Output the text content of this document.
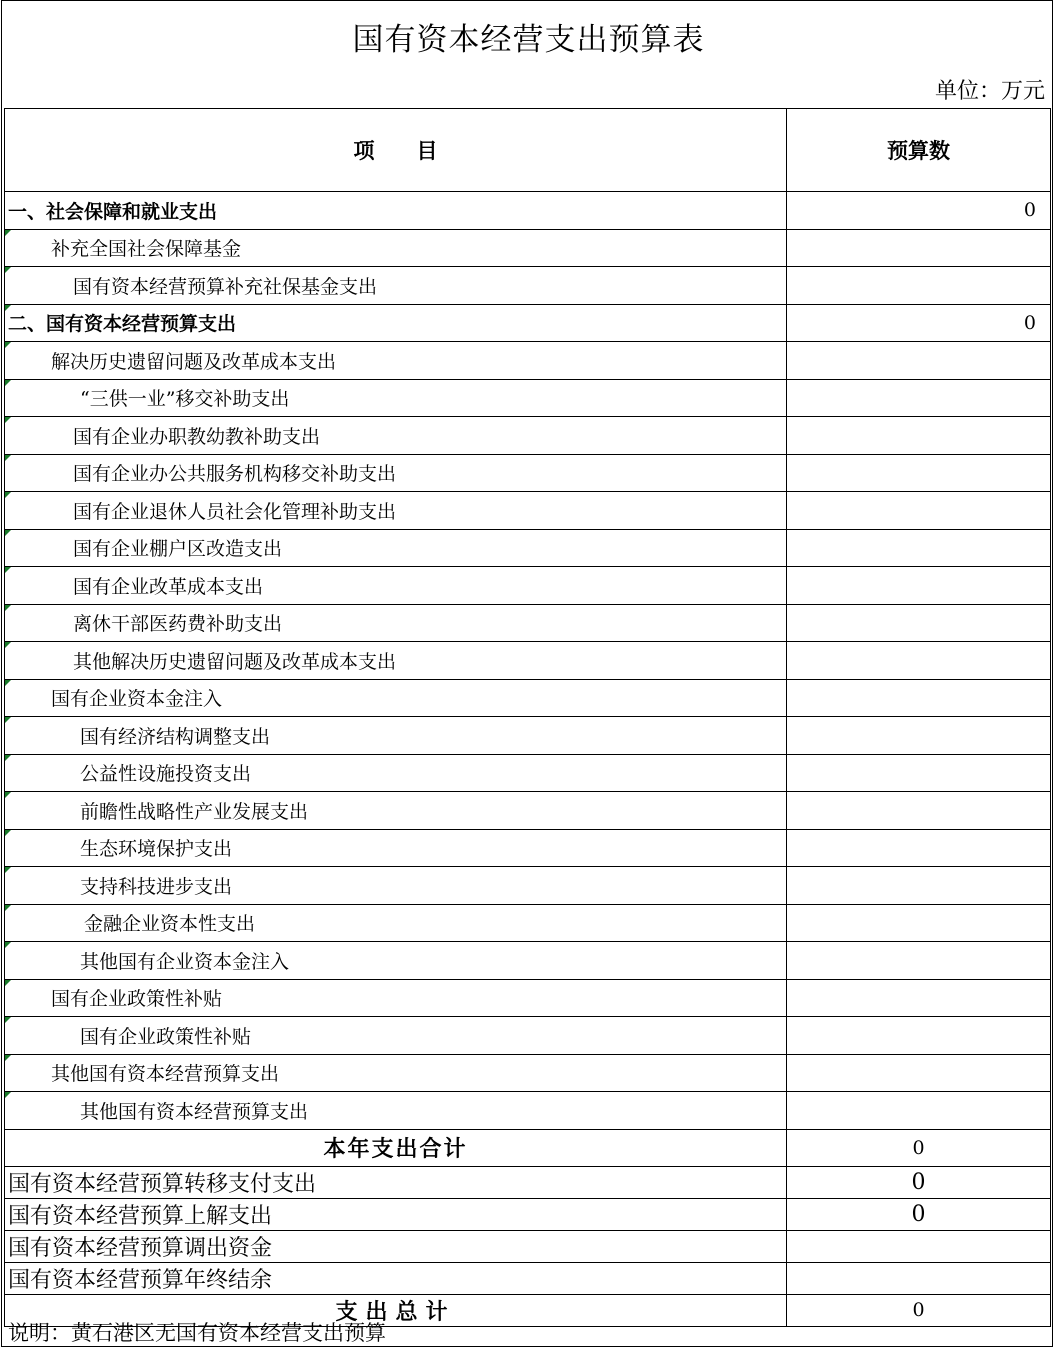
国有资本经营支出预算表
单位：万元
项　　目	预算数
一、社会保障和就业支出	0
补充全国社会保障基金	
国有资本经营预算补充社保基金支出	
二、国有资本经营预算支出	0
解决历史遗留问题及改革成本支出	
“三供一业”移交补助支出	
国有企业办职教幼教补助支出	
国有企业办公共服务机构移交补助支出	
国有企业退休人员社会化管理补助支出	
国有企业棚户区改造支出	
国有企业改革成本支出	
离休干部医药费补助支出	
其他解决历史遗留问题及改革成本支出	
国有企业资本金注入	
国有经济结构调整支出	
公益性设施投资支出	
前瞻性战略性产业发展支出	
生态环境保护支出	
支持科技进步支出	
金融企业资本性支出	
其他国有企业资本金注入	
国有企业政策性补贴	
国有企业政策性补贴	
其他国有资本经营预算支出	
其他国有资本经营预算支出	
本年支出合计	0
国有资本经营预算转移支付支出	0
国有资本经营预算上解支出	0
国有资本经营预算调出资金	
国有资本经营预算年终结余	
支出总计	0
说明：黄石港区无国有资本经营支出预算
